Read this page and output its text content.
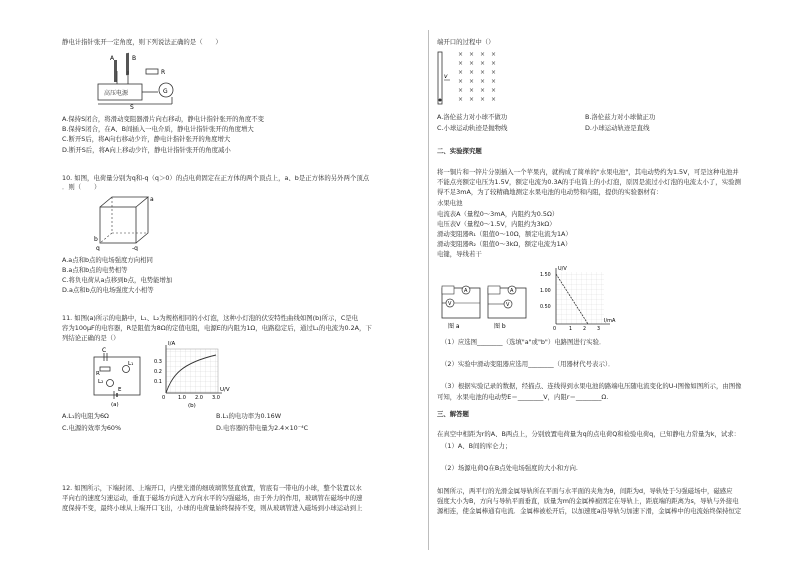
静电计指针张开一定角度，则下列说法正确的是（　　）
高压电源
A	B
R
S
G
A.保持S闭合，将滑动变阻器滑片向右移动，静电计指针张开的角度不变
B.保持S闭合，在A、B间插入一电介质，静电计指针张开的角度增大
C.断开S后，将A向右移动少许，静电计指针张开的角度增大
D.断开S后，将A向上移动少许，静电计指针张开的角度减小
10. 如图，电荷量分别为q和-q（q＞0）的点电荷固定在正方体的两个顶点上，a、b是正方体的另外两个顶点
．则（　　）
a
b
q	-q
A.a点和b点的电场强度方向相同
B.a点和b点的电势相等
C.将负电荷从a点移到b点，电势能增加
D.a点和b点的电场强度大小相等
11. 如图(a)所示的电路中，L₁、L₂为规格相同的小灯泡，这种小灯泡的伏安特性曲线如图(b)所示，C是电
容为100μF的电容器，R是阻值为8Ω的定值电阻，电源E的内阻为1Ω，电路稳定后，通过L₁的电流为0.2A，下
列结论正确的是（）
C
R
L₁
L₂
E
(a)
I/A
U/V
0.3
0.2
0.1
0	1.0 2.0 3.0
(b)
A.L₁的电阻为6Ω	B.L₁的电功率为0.16W
C.电源的效率为60%	D.电容器的带电量为2.4×10⁻⁴C
12. 如图所示，下端封闭、上端开口，内壁光滑的细玻璃管竖直放置，管底有一带电的小球，整个装置以水
平向右的速度匀速运动，垂直于磁场方向进入方向水平的匀强磁场，由于外力的作用，玻璃管在磁场中的速
度保持不变，最终小球从上端开口飞出，小球的电荷量始终保持不变，则从玻璃管进入磁场到小球运动到上
端开口的过程中（）
v
× × × ×
× × × ×
× × × ×
× × × ×
× × × ×
× × × ×
A.洛伦兹力对小球不做功	B.洛伦兹力对小球做正功
C.小球运动轨迹是抛物线	D.小球运动轨迹是直线
二、实验探究题
将一铜片和一锌片分别插入一个苹果内，就构成了简单的"水果电池"，其电动势约为1.5V，可是这种电池并
不能点亮额定电压为1.5V，额定电流为0.3A的手电筒上的小灯泡，原因是流过小灯泡的电流太小了，实验测
得不足3mA，为了较精确地测定水果电池的电动势和内阻，提供的实验器材有：
水果电池
电流表A（量程0～3mA，内阻约为0.5Ω）
电压表V（量程0～1.5V，内阻约为3kΩ）
滑动变阻器R₁（阻值0～10Ω，额定电流为1A）
滑动变阻器R₂（阻值0～3kΩ，额定电流为1A）
电键，导线若干
A
V
图 a
A
V
图 b
U/V
I/mA
1.50
1.00
0.50
0	1 2 3
（1）应选图________（选填"a"或"b"）电路图进行实验．
（2）实验中滑动变阻器应选用________（用器材代号表示）．
（3）根据实验记录的数据，经描点、连线得到水果电池的路端电压随电流变化的U-I图像如图所示，由图像
可知，水果电池的电动势E＝________V，内阻r＝________Ω.
三、解答题
在真空中相距为r的A、B两点上，分别放置电荷量为q的点电荷Q和检验电荷q，已知静电力常量为k，试求：
（1）A、B间的库仑力；
（2）场源电荷Q在B点处电场强度的大小和方向.
如图所示，两平行的光滑金属导轨所在平面与水平面的夹角为θ，间距为d，导轨处于匀强磁场中，磁感应
强度大小为B，方向与导轨平面垂直，质量为m的金属棒被固定在导轨上，距底端的距离为s，导轨与外接电
源相连，使金属棒通有电流．金属棒被松开后，以加速度a沿导轨匀加速下滑，金属棒中的电流始终保持恒定
